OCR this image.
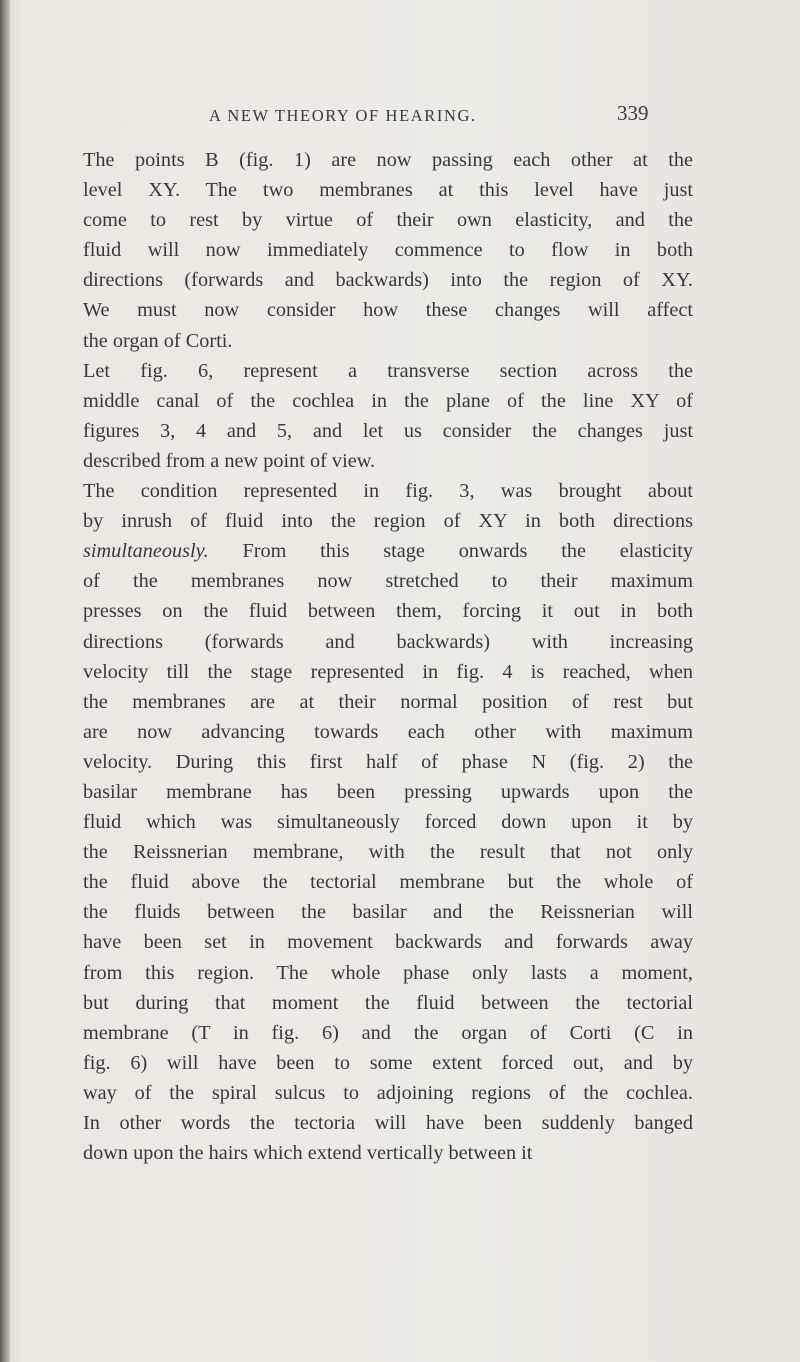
A NEW THEORY OF HEARING.	339
The points B (fig. 1) are now passing each other at the
level XY. The two membranes at this level have just
come to rest by virtue of their own elasticity, and the
fluid will now immediately commence to flow in both
directions (forwards and backwards) into the region of XY.
We must now consider how these changes will affect
the organ of Corti.
Let fig. 6, represent a transverse section across the
middle canal of the cochlea in the plane of the line XY of
figures 3, 4 and 5, and let us consider the changes just
described from a new point of view.
The condition represented in fig. 3, was brought about
by inrush of fluid into the region of XY in both directions
simultaneously. From this stage onwards the elasticity
of the membranes now stretched to their maximum
presses on the fluid between them, forcing it out in both
directions (forwards and backwards) with increasing
velocity till the stage represented in fig. 4 is reached, when
the membranes are at their normal position of rest but
are now advancing towards each other with maximum
velocity. During this first half of phase N (fig. 2) the
basilar membrane has been pressing upwards upon the
fluid which was simultaneously forced down upon it by
the Reissnerian membrane, with the result that not only
the fluid above the tectorial membrane but the whole of
the fluids between the basilar and the Reissnerian will
have been set in movement backwards and forwards away
from this region. The whole phase only lasts a moment,
but during that moment the fluid between the tectorial
membrane (T in fig. 6) and the organ of Corti (C in
fig. 6) will have been to some extent forced out, and by
way of the spiral sulcus to adjoining regions of the cochlea.
In other words the tectoria will have been suddenly banged
down upon the hairs which extend vertically between it
